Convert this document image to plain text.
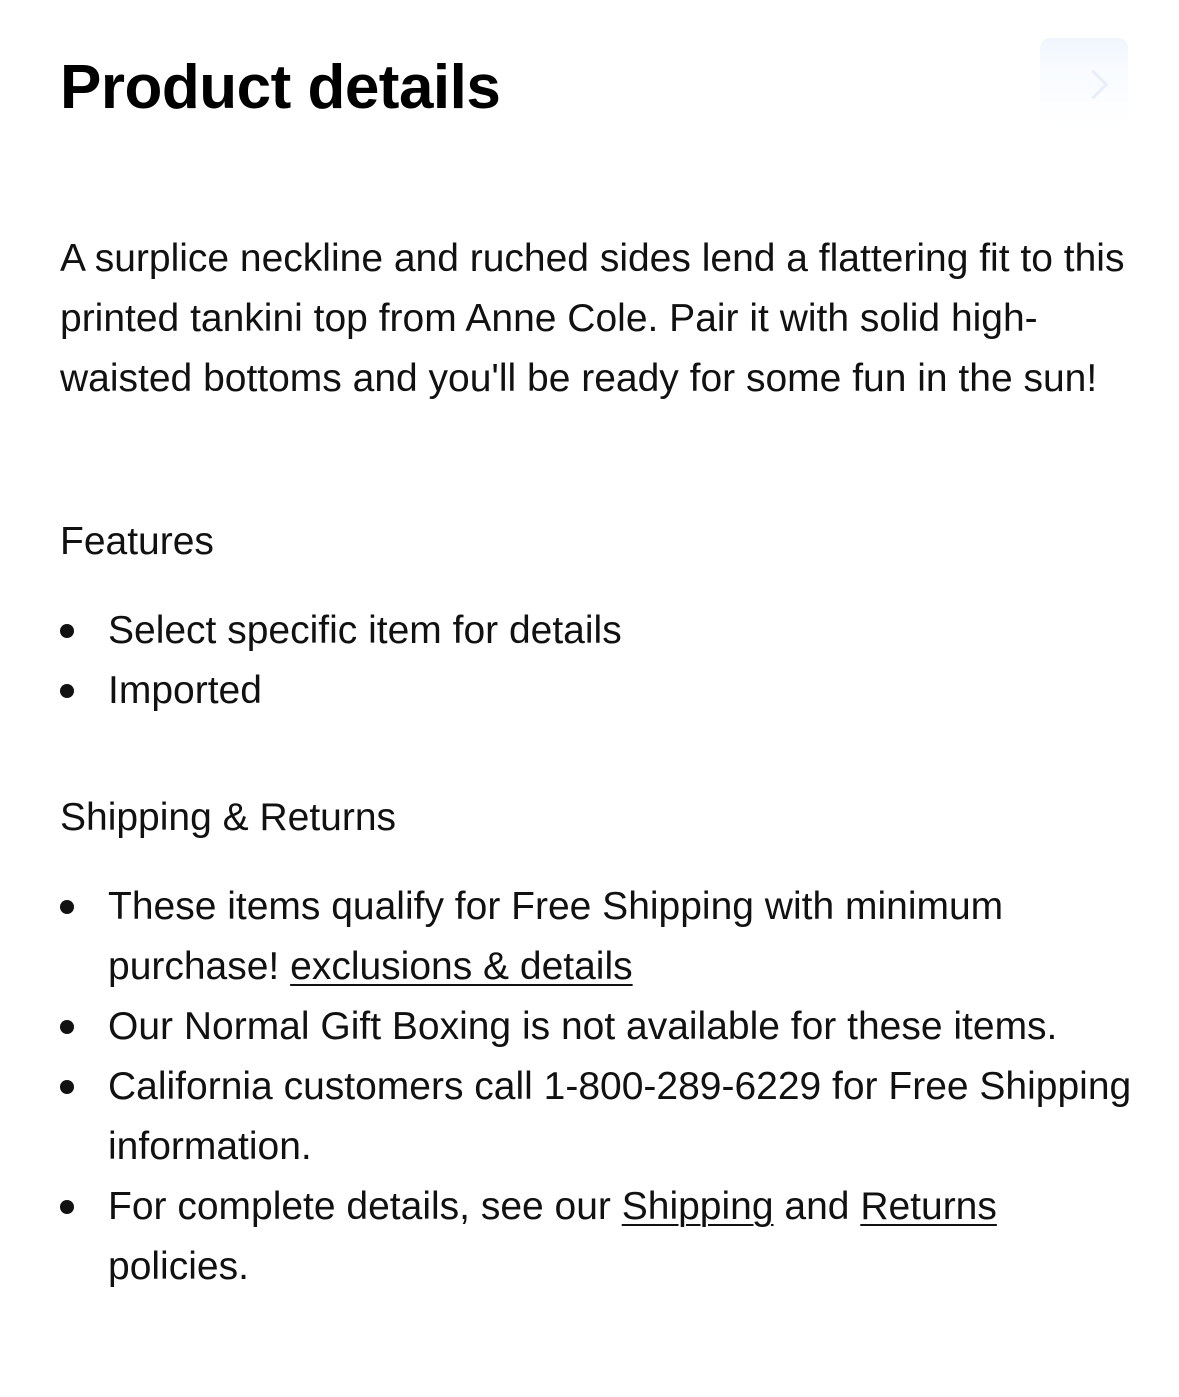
Product details

A surplice neckline and ruched sides lend a flattering fit to this printed tankini top from Anne Cole. Pair it with solid high-waisted bottoms and you'll be ready for some fun in the sun!

Features
Select specific item for details
Imported
Shipping & Returns
These items qualify for Free Shipping with minimum purchase! exclusions & details
Our Normal Gift Boxing is not available for these items.
California customers call 1-800-289-6229 for Free Shipping information.
For complete details, see our Shipping and Returns policies.
